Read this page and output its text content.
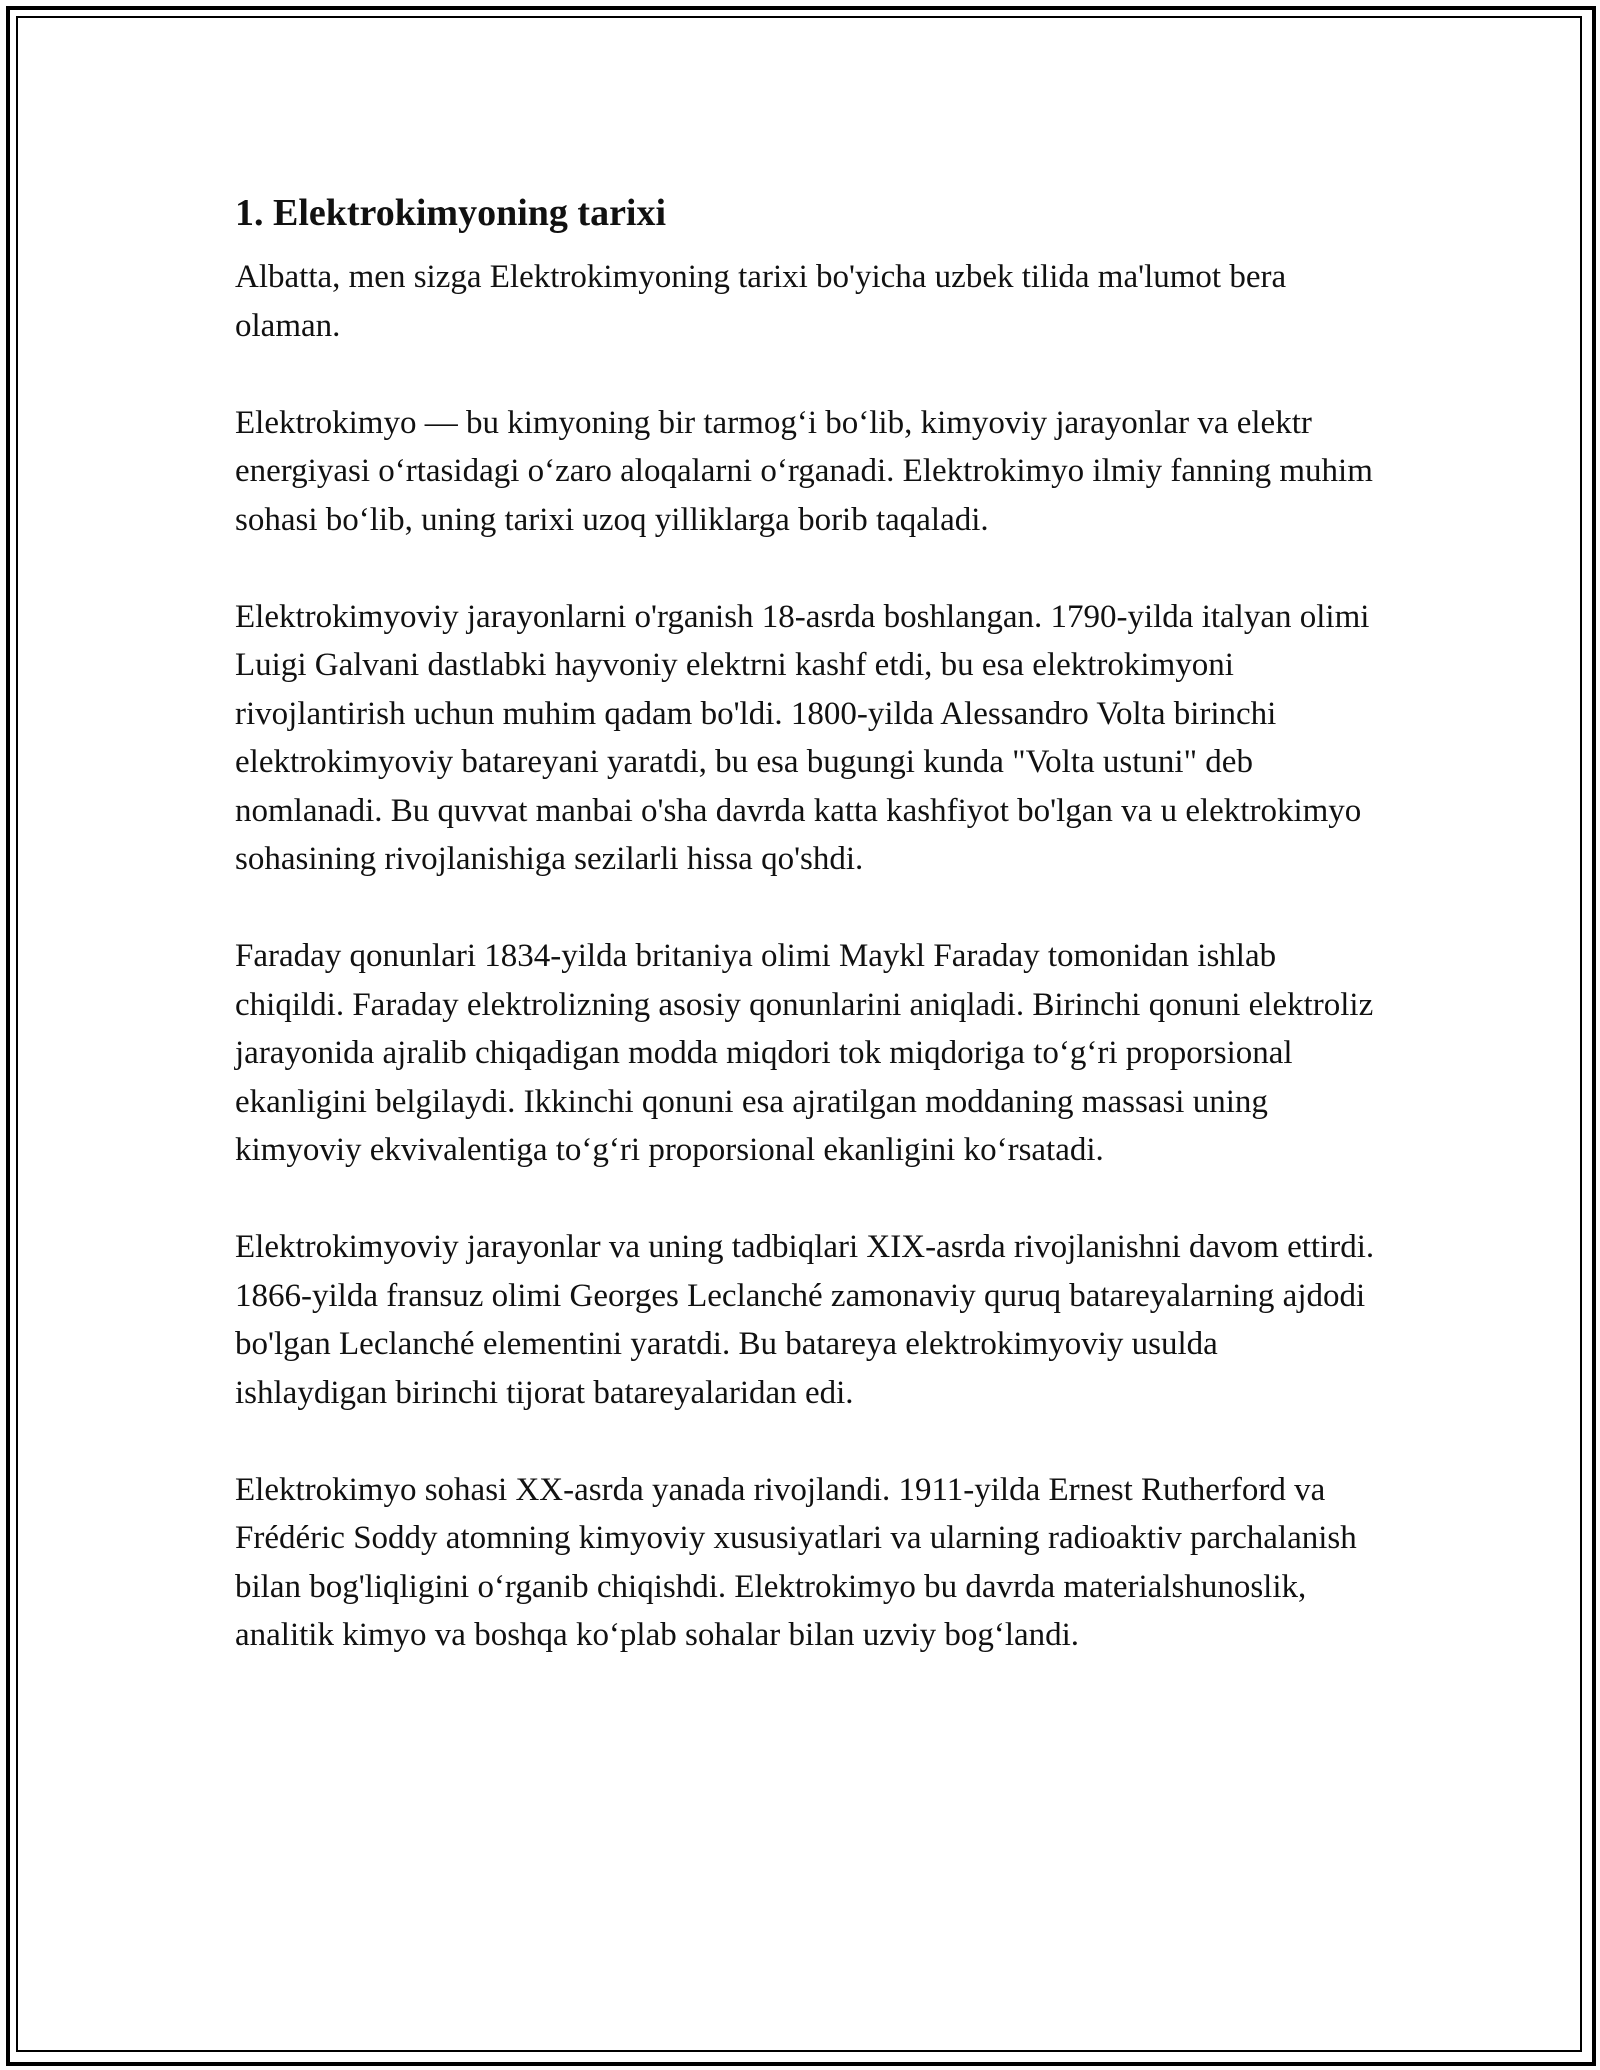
1. Elektrokimyoning tarixi

Albatta, men sizga Elektrokimyoning tarixi bo'yicha uzbek tilida ma'lumot bera olaman.

Elektrokimyo — bu kimyoning bir tarmogʻi boʻlib, kimyoviy jarayonlar va elektr energiyasi oʻrtasidagi oʻzaro aloqalarni oʻrganadi. Elektrokimyo ilmiy fanning muhim sohasi boʻlib, uning tarixi uzoq yilliklarga borib taqaladi.

Elektrokimyoviy jarayonlarni o'rganish 18-asrda boshlangan. 1790-yilda italyan olimi Luigi Galvani dastlabki hayvoniy elektrni kashf etdi, bu esa elektrokimyoni rivojlantirish uchun muhim qadam bo'ldi. 1800-yilda Alessandro Volta birinchi elektrokimyoviy batareyani yaratdi, bu esa bugungi kunda "Volta ustuni" deb nomlanadi. Bu quvvat manbai o'sha davrda katta kashfiyot bo'lgan va u elektrokimyo sohasining rivojlanishiga sezilarli hissa qo'shdi.

Faraday qonunlari 1834-yilda britaniya olimi Maykl Faraday tomonidan ishlab chiqildi. Faraday elektrolizning asosiy qonunlarini aniqladi. Birinchi qonuni elektroliz jarayonida ajralib chiqadigan modda miqdori tok miqdoriga toʻgʻri proporsional ekanligini belgilaydi. Ikkinchi qonuni esa ajratilgan moddaning massasi uning kimyoviy ekvivalentiga toʻgʻri proporsional ekanligini koʻrsatadi.

Elektrokimyoviy jarayonlar va uning tadbiqlari XIX-asrda rivojlanishni davom ettirdi. 1866-yilda fransuz olimi Georges Leclanché zamonaviy quruq batareyalarning ajdodi bo'lgan Leclanché elementini yaratdi. Bu batareya elektrokimyoviy usulda ishlaydigan birinchi tijorat batareyalaridan edi.

Elektrokimyo sohasi XX-asrda yanada rivojlandi. 1911-yilda Ernest Rutherford va Frédéric Soddy atomning kimyoviy xususiyatlari va ularning radioaktiv parchalanish bilan bog'liqligini oʻrganib chiqishdi. Elektrokimyo bu davrda materialshunoslik, analitik kimyo va boshqa koʻplab sohalar bilan uzviy bogʻlandi.
